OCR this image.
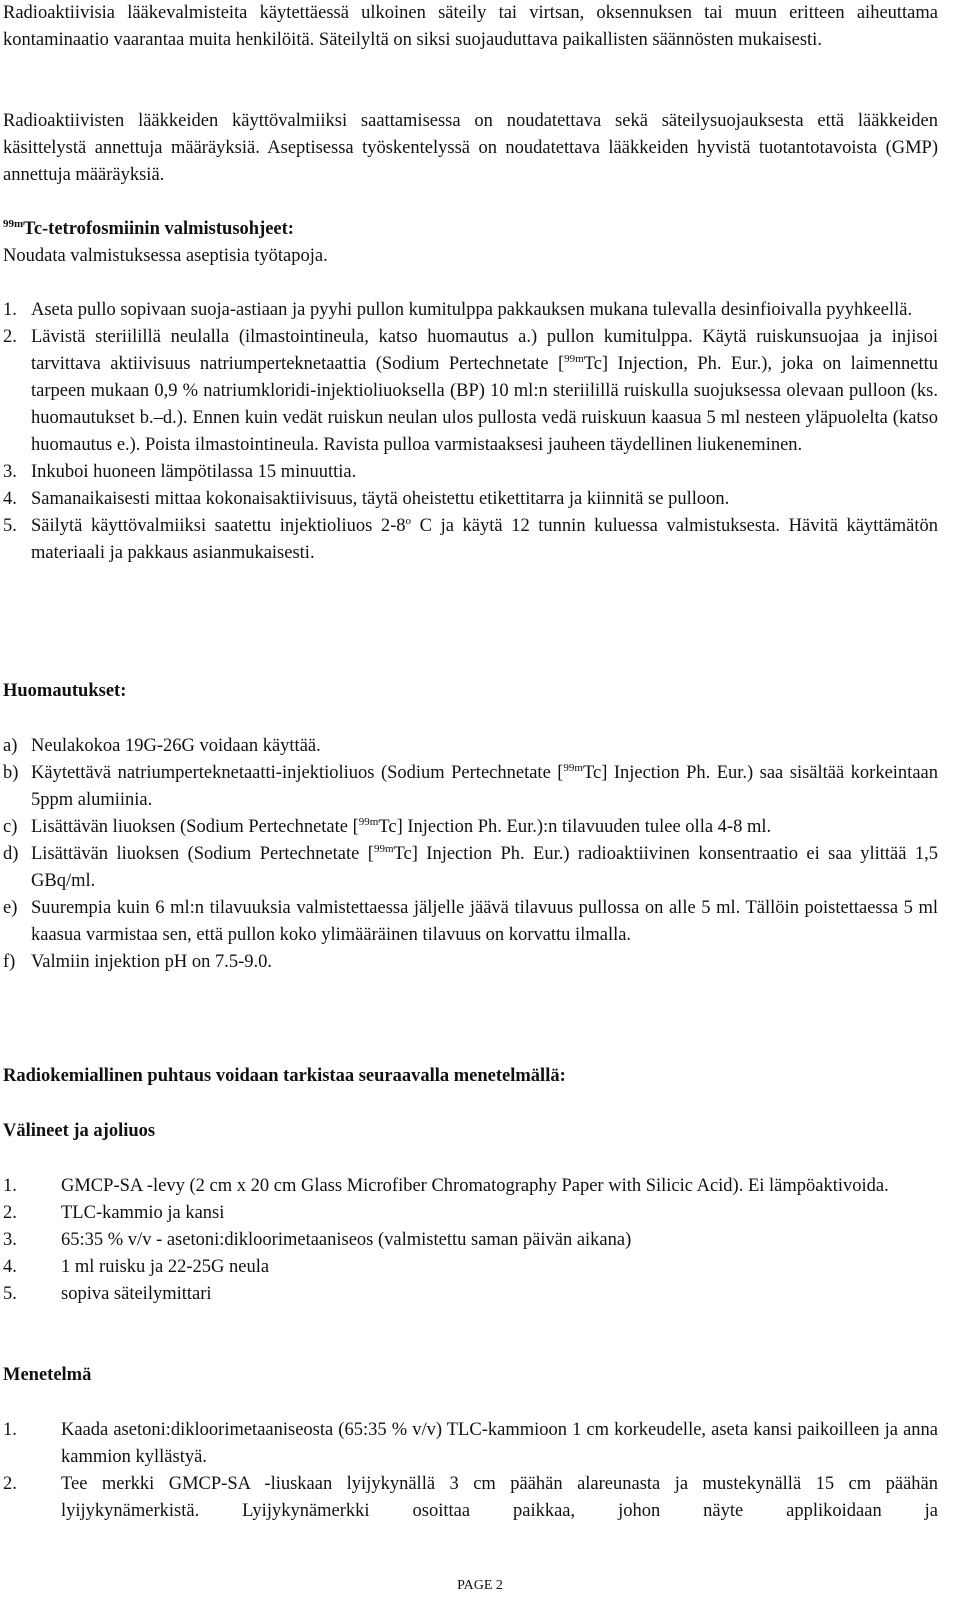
Radioaktiivisia lääkevalmisteita käytettäessä ulkoinen säteily tai virtsan, oksennuksen tai muun eritteen aiheuttama kontaminaatio vaarantaa muita henkilöitä. Säteilyltä on siksi suojauduttava paikallisten säännösten mukaisesti.

Radioaktiivisten lääkkeiden käyttövalmiiksi saattamisessa on noudatettava sekä säteilysuojauksesta että lääkkeiden käsittelystä annettuja määräyksiä. Aseptisessa työskentelyssä on noudatettava lääkkeiden hyvistä tuotantotavoista (GMP) annettuja määräyksiä.

$^{99m}$Tc-tetrofosmiinin valmistusohjeet:
Noudata valmistuksessa aseptisia työtapoja.
1. Aseta pullo sopivaan suoja-astiaan ja pyyhi pullon kumitulppa pakkauksen mukana tulevalla desinfioivalla pyyhkeellä.

2. Lävistä steriilillä neulalla (ilmastointineula, katso huomautus a.) pullon kumitulppa. Käytä ruiskunsuojaa ja injisoi tarvittava aktiivisuus natriumperteknetaattia (Sodium Pertechnetate [$^{99m}$Tc] Injection, Ph. Eur.), joka on laimennettu tarpeen mukaan 0,9 % natriumkloridi-injektioliuoksella (BP) 10 ml:n steriilillä ruiskulla suojuksessa olevaan pulloon (ks. huomautukset b.–d.). Ennen kuin vedät ruiskun neulan ulos pullosta vedä ruiskuun kaasua 5 ml nesteen yläpuolelta (katso huomautus e.). Poista ilmastointineula. Ravista pulloa varmistaaksesi jauheen täydellinen liukeneminen.

3. Inkuboi huoneen lämpötilassa 15 minuuttia.

4. Samanaikaisesti mittaa kokonaisaktiivisuus, täytä oheistettu etikettitarra ja kiinnitä se pulloon.

5. Säilytä käyttövalmiiksi saatettu injektioliuos 2-8$^o$ C ja käytä 12 tunnin kuluessa valmistuksesta. Hävitä käyttämätön materiaali ja pakkaus asianmukaisesti.

Huomautukset:
a) Neulakokoa 19G-26G voidaan käyttää.

b) Käytettävä natriumperteknetaatti-injektioliuos (Sodium Pertechnetate [$^{99m}$Tc] Injection Ph. Eur.) saa sisältää korkeintaan 5ppm alumiinia.

c) Lisättävän liuoksen (Sodium Pertechnetate [$^{99m}$Tc] Injection Ph. Eur.):n tilavuuden tulee olla 4-8 ml.

d) Lisättävän liuoksen (Sodium Pertechnetate [$^{99m}$Tc] Injection Ph. Eur.) radioaktiivinen konsentraatio ei saa ylittää 1,5 GBq/ml.

e) Suurempia kuin 6 ml:n tilavuuksia valmistettaessa jäljelle jäävä tilavuus pullossa on alle 5 ml. Tällöin poistettaessa 5 ml kaasua varmistaa sen, että pullon koko ylimääräinen tilavuus on korvattu ilmalla.

f) Valmiin injektion pH on 7.5-9.0.

Radiokemiallinen puhtaus voidaan tarkistaa seuraavalla menetelmällä:
Välineet ja ajoliuos
1.	GMCP-SA -levy (2 cm x 20 cm Glass Microfiber Chromatography Paper with Silicic Acid). Ei lämpöaktivoida.

2.	TLC-kammio ja kansi

3.	65:35 % v/v - asetoni:dikloorimetaaniseos (valmistettu saman päivän aikana)

4.	1 ml ruisku ja 22-25G neula

5.	sopiva säteilymittari

Menetelmä
1.	Kaada asetoni:dikloorimetaaniseosta (65:35 % v/v) TLC-kammioon 1 cm korkeudelle, aseta kansi paikoilleen ja anna kammion kyllästyä.

2.	Tee merkki GMCP-SA -liuskaan lyijykynällä 3 cm päähän alareunasta ja mustekynällä 15 cm päähän lyijykynämerkistä. Lyijykynämerkki osoittaa paikkaa, johon näyte applikoidaan ja

PAGE 2
